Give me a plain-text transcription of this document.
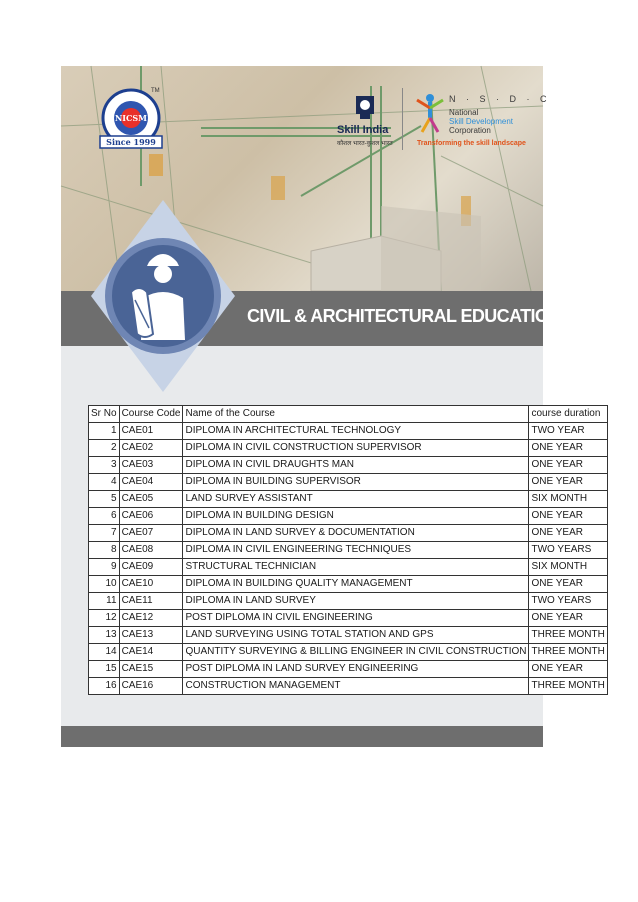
NICSM
TM
Since 1999
Skill India
कौशल भारत-कुशल भारत
N · S · D · C
National
Skill Development
Corporation
Transforming the skill landscape
CIVIL & ARCHITECTURAL EDUCATION
Sr No	Course Code	Name of the Course	course duration
1	CAE01	DIPLOMA IN ARCHITECTURAL TECHNOLOGY	TWO YEAR
2	CAE02	DIPLOMA IN CIVIL CONSTRUCTION SUPERVISOR	ONE YEAR
3	CAE03	DIPLOMA IN CIVIL DRAUGHTS MAN	ONE YEAR
4	CAE04	DIPLOMA IN BUILDING SUPERVISOR	ONE YEAR
5	CAE05	LAND SURVEY ASSISTANT	SIX MONTH
6	CAE06	DIPLOMA IN BUILDING DESIGN	ONE YEAR
7	CAE07	DIPLOMA IN LAND SURVEY & DOCUMENTATION	ONE YEAR
8	CAE08	DIPLOMA IN CIVIL ENGINEERING TECHNIQUES	TWO YEARS
9	CAE09	STRUCTURAL TECHNICIAN	SIX MONTH
10	CAE10	DIPLOMA IN BUILDING QUALITY MANAGEMENT	ONE YEAR
11	CAE11	DIPLOMA IN LAND SURVEY	TWO YEARS
12	CAE12	POST DIPLOMA IN CIVIL ENGINEERING	ONE YEAR
13	CAE13	LAND SURVEYING USING TOTAL STATION AND GPS	THREE MONTH
14	CAE14	QUANTITY SURVEYING & BILLING ENGINEER IN CIVIL CONSTRUCTION	THREE MONTH
15	CAE15	POST DIPLOMA IN LAND SURVEY ENGINEERING	ONE YEAR
16	CAE16	CONSTRUCTION MANAGEMENT	THREE MONTH
